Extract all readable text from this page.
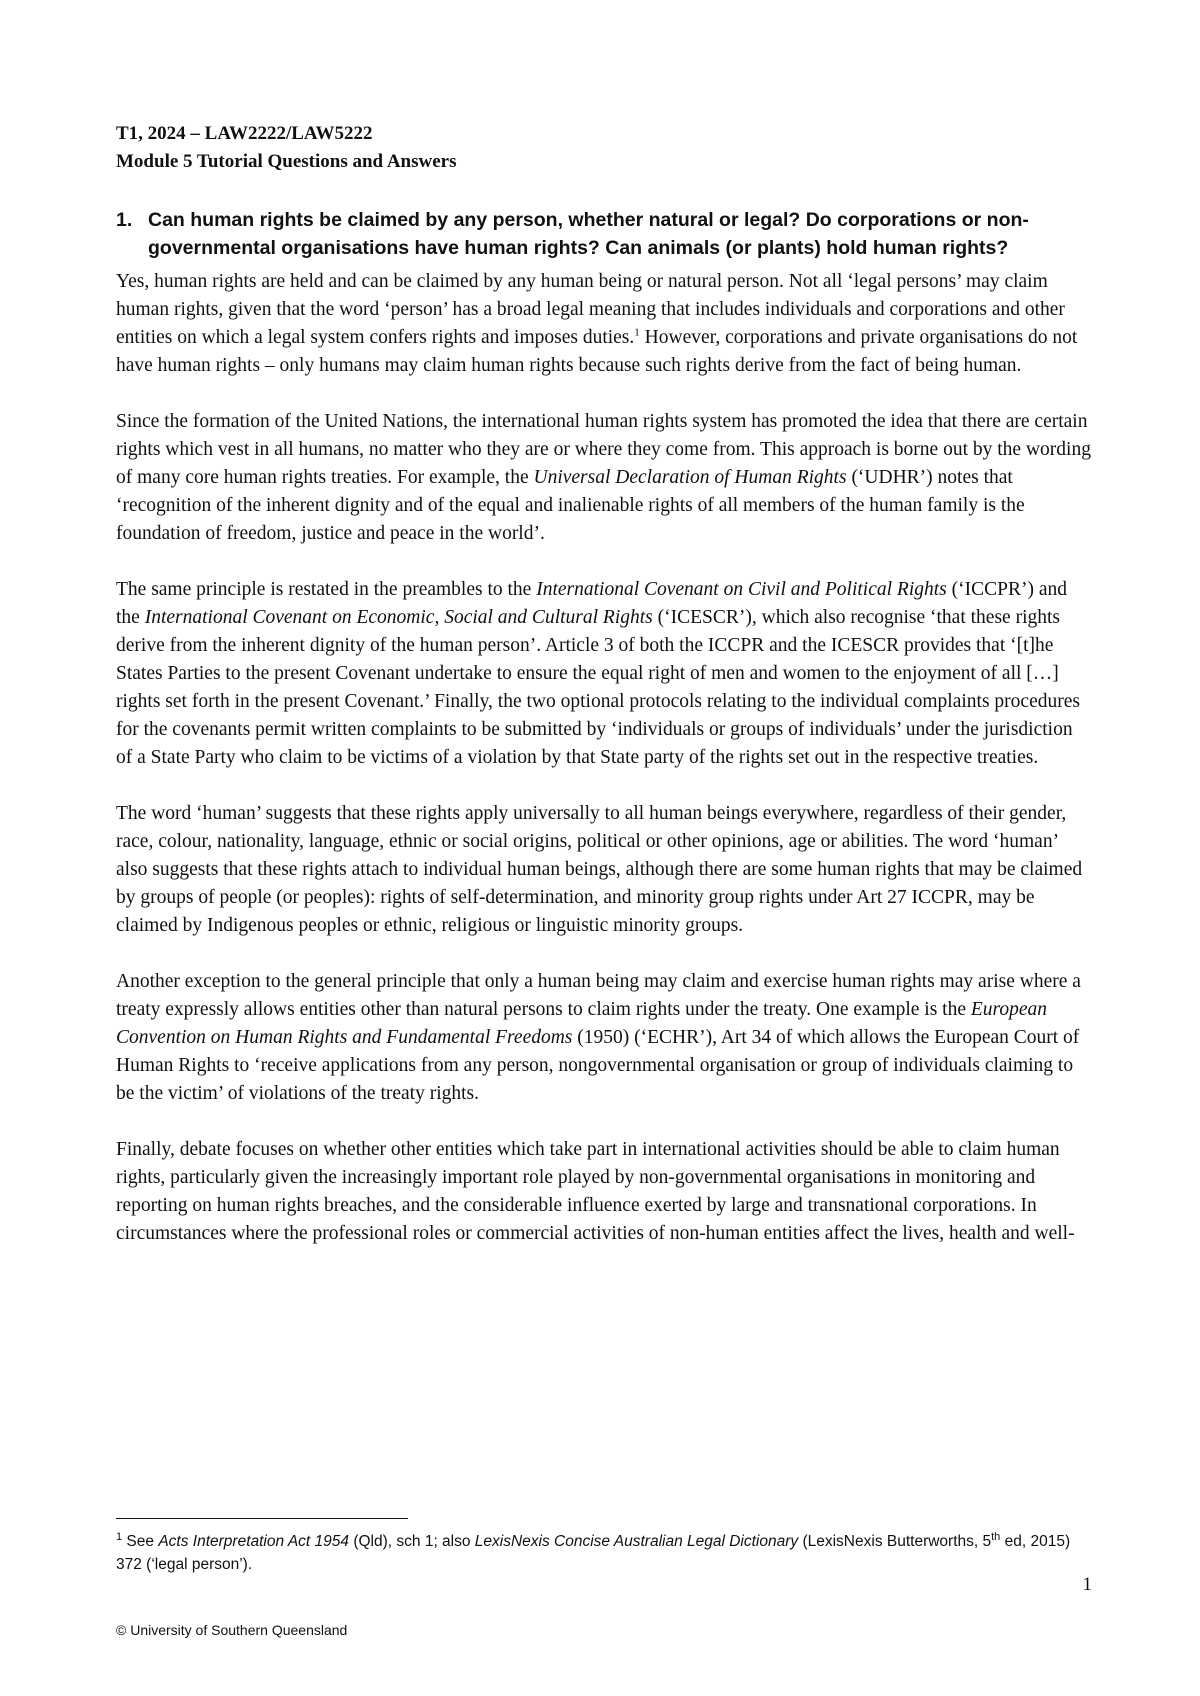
T1, 2024 – LAW2222/LAW5222
Module 5 Tutorial Questions and Answers
1. Can human rights be claimed by any person, whether natural or legal? Do corporations or non-governmental organisations have human rights? Can animals (or plants) hold human rights?

Yes, human rights are held and can be claimed by any human being or natural person. Not all ‘legal persons’ may claim human rights, given that the word ‘person’ has a broad legal meaning that includes individuals and corporations and other entities on which a legal system confers rights and imposes duties.$^1$ However, corporations and private organisations do not have human rights – only humans may claim human rights because such rights derive from the fact of being human.

Since the formation of the United Nations, the international human rights system has promoted the idea that there are certain rights which vest in all humans, no matter who they are or where they come from. This approach is borne out by the wording of many core human rights treaties. For example, the Universal Declaration of Human Rights (‘UDHR’) notes that ‘recognition of the inherent dignity and of the equal and inalienable rights of all members of the human family is the foundation of freedom, justice and peace in the world’.

The same principle is restated in the preambles to the International Covenant on Civil and Political Rights (‘ICCPR’) and the International Covenant on Economic, Social and Cultural Rights (‘ICESCR’), which also recognise ‘that these rights derive from the inherent dignity of the human person’. Article 3 of both the ICCPR and the ICESCR provides that ‘[t]he States Parties to the present Covenant undertake to ensure the equal right of men and women to the enjoyment of all […] rights set forth in the present Covenant.’ Finally, the two optional protocols relating to the individual complaints procedures for the covenants permit written complaints to be submitted by ‘individuals or groups of individuals’ under the jurisdiction of a State Party who claim to be victims of a violation by that State party of the rights set out in the respective treaties.

The word ‘human’ suggests that these rights apply universally to all human beings everywhere, regardless of their gender, race, colour, nationality, language, ethnic or social origins, political or other opinions, age or abilities. The word ‘human’ also suggests that these rights attach to individual human beings, although there are some human rights that may be claimed by groups of people (or peoples): rights of self-determination, and minority group rights under Art 27 ICCPR, may be claimed by Indigenous peoples or ethnic, religious or linguistic minority groups.

Another exception to the general principle that only a human being may claim and exercise human rights may arise where a treaty expressly allows entities other than natural persons to claim rights under the treaty. One example is the European Convention on Human Rights and Fundamental Freedoms (1950) (‘ECHR’), Art 34 of which allows the European Court of Human Rights to ‘receive applications from any person, nongovernmental organisation or group of individuals claiming to be the victim’ of violations of the treaty rights.

Finally, debate focuses on whether other entities which take part in international activities should be able to claim human rights, particularly given the increasingly important role played by non-governmental organisations in monitoring and reporting on human rights breaches, and the considerable influence exerted by large and transnational corporations. In circumstances where the professional roles or commercial activities of non-human entities affect the lives, health and well-

$^1$ See Acts Interpretation Act 1954 (Qld), sch 1; also LexisNexis Concise Australian Legal Dictionary (LexisNexis Butterworths, 5th ed, 2015) 372 (‘legal person’).
1
© University of Southern Queensland
